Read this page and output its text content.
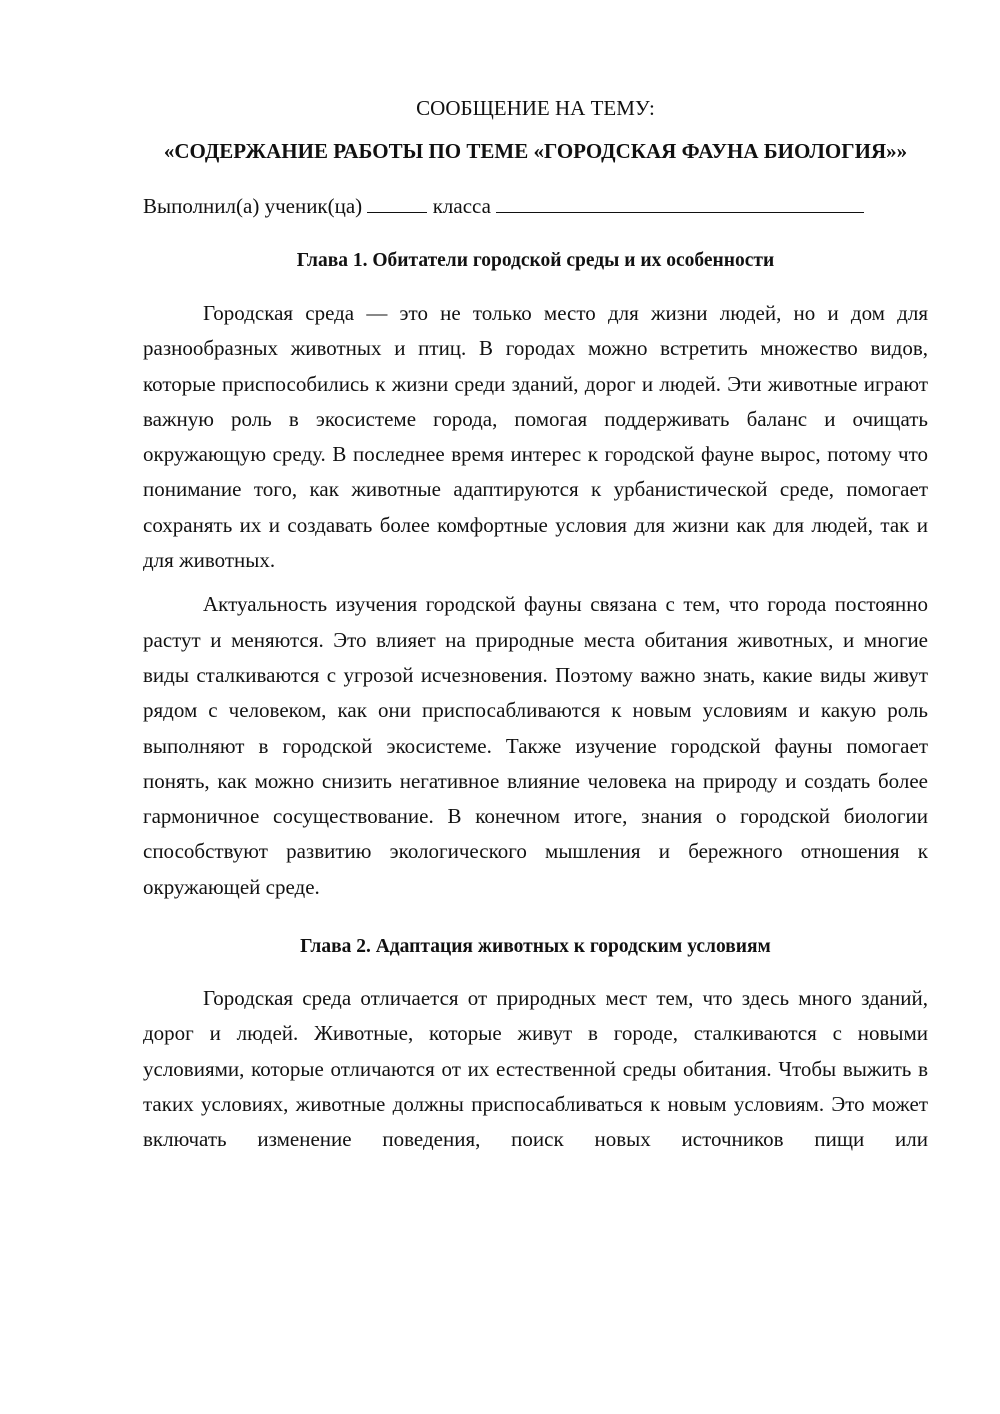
СООБЩЕНИЕ НА ТЕМУ:

«СОДЕРЖАНИЕ РАБОТЫ ПО ТЕМЕ «ГОРОДСКАЯ ФАУНА БИОЛОГИЯ»»

Выполнил(а) ученик(ца)	класса

Глава 1. Обитатели городской среды и их особенности

Городская среда — это не только место для жизни людей, но и дом для разнообразных животных и птиц. В городах можно встретить множество видов, которые приспособились к жизни среди зданий, дорог и людей. Эти животные играют важную роль в экосистеме города, помогая поддерживать баланс и очищать окружающую среду. В последнее время интерес к городской фауне вырос, потому что понимание того, как животные адаптируются к урбанистической среде, помогает сохранять их и создавать более комфортные условия для жизни как для людей, так и для животных.

Актуальность изучения городской фауны связана с тем, что города постоянно растут и меняются. Это влияет на природные места обитания животных, и многие виды сталкиваются с угрозой исчезновения. Поэтому важно знать, какие виды живут рядом с человеком, как они приспосабливаются к новым условиям и какую роль выполняют в городской экосистеме. Также изучение городской фауны помогает понять, как можно снизить негативное влияние человека на природу и создать более гармоничное сосуществование. В конечном итоге, знания о городской биологии способствуют развитию экологического мышления и бережного отношения к окружающей среде.

Глава 2. Адаптация животных к городским условиям

Городская среда отличается от природных мест тем, что здесь много зданий, дорог и людей. Животные, которые живут в городе, сталкиваются с новыми условиями, которые отличаются от их естественной среды обитания. Чтобы выжить в таких условиях, животные должны приспосабливаться к новым условиям. Это может включать изменение поведения, поиск новых источников пищи или
